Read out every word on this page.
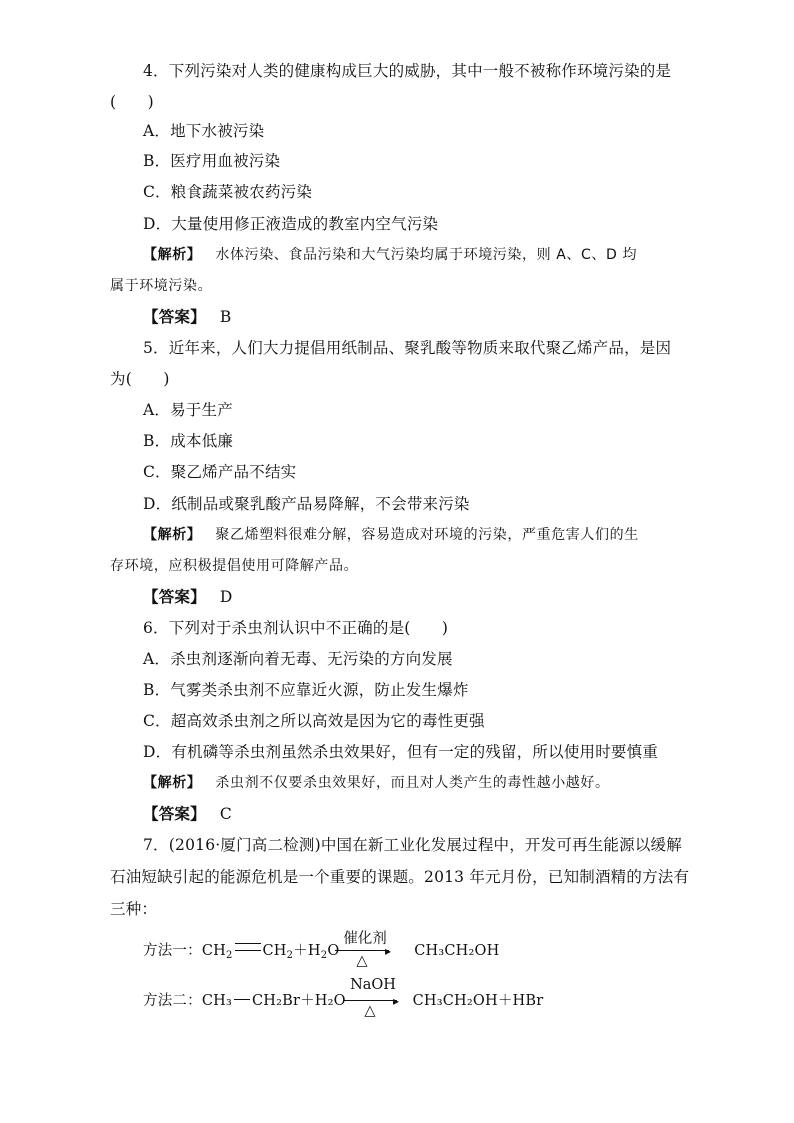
4．下列污染对人类的健康构成巨大的威胁，其中一般不被称作环境污染的是
(　　)
A．地下水被污染
B．医疗用血被污染
C．粮食蔬菜被农药污染
D．大量使用修正液造成的教室内空气污染
【解析】 水体污染、食品污染和大气污染均属于环境污染，则 A、C、D 均
属于环境污染。
【答案】 B
5．近年来，人们大力提倡用纸制品、聚乳酸等物质来取代聚乙烯产品，是因
为(　　)
A．易于生产
B．成本低廉
C．聚乙烯产品不结实
D．纸制品或聚乳酸产品易降解，不会带来污染
【解析】 聚乙烯塑料很难分解，容易造成对环境的污染，严重危害人们的生
存环境，应积极提倡使用可降解产品。
【答案】 D
6．下列对于杀虫剂认识中不正确的是(　　)
A．杀虫剂逐渐向着无毒、无污染的方向发展
B．气雾类杀虫剂不应靠近火源，防止发生爆炸
C．超高效杀虫剂之所以高效是因为它的毒性更强
D．有机磷等杀虫剂虽然杀虫效果好，但有一定的残留，所以使用时要慎重
【解析】 杀虫剂不仅要杀虫效果好，而且对人类产生的毒性越小越好。
【答案】 C
7．(2016·厦门高二检测)中国在新工业化发展过程中，开发可再生能源以缓解
石油短缺引起的能源危机是一个重要的课题。2013 年元月份，已知制酒精的方法有
三种：
方法一：$CH_2$ $CH_2+H_2O$	CH₃CH₂OH
催化剂
▸
△
方法二：CH₃ CH₂Br＋H₂O	CH₃CH₂OH＋HBr
NaOH
▸
△
